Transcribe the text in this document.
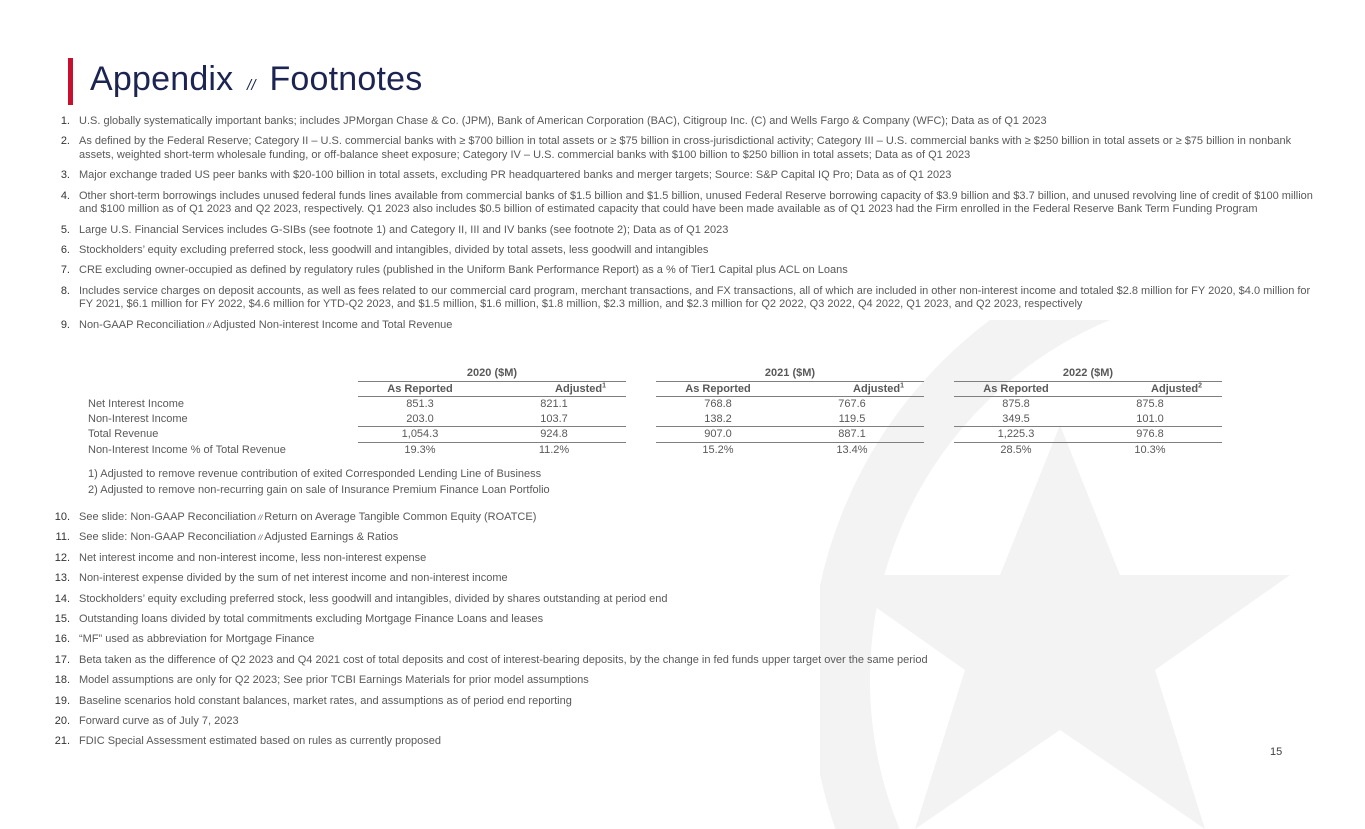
Appendix // Footnotes
1. U.S. globally systematically important banks; includes JPMorgan Chase & Co. (JPM), Bank of American Corporation (BAC), Citigroup Inc. (C) and Wells Fargo & Company (WFC); Data as of Q1 2023
2. As defined by the Federal Reserve; Category II – U.S. commercial banks with ≥ $700 billion in total assets or ≥ $75 billion in cross-jurisdictional activity; Category III – U.S. commercial banks with ≥ $250 billion in total assets or ≥ $75 billion in nonbank assets, weighted short-term wholesale funding, or off-balance sheet exposure; Category IV – U.S. commercial banks with $100 billion to $250 billion in total assets; Data as of Q1 2023
3. Major exchange traded US peer banks with $20-100 billion in total assets, excluding PR headquartered banks and merger targets; Source: S&P Capital IQ Pro; Data as of Q1 2023
4. Other short-term borrowings includes unused federal funds lines available from commercial banks of $1.5 billion and $1.5 billion, unused Federal Reserve borrowing capacity of $3.9 billion and $3.7 billion, and unused revolving line of credit of $100 million and $100 million as of Q1 2023 and Q2 2023, respectively. Q1 2023 also includes $0.5 billion of estimated capacity that could have been made available as of Q1 2023 had the Firm enrolled in the Federal Reserve Bank Term Funding Program
5. Large U.S. Financial Services includes G-SIBs (see footnote 1) and Category II, III and IV banks (see footnote 2); Data as of Q1 2023
6. Stockholders’ equity excluding preferred stock, less goodwill and intangibles, divided by total assets, less goodwill and intangibles
7. CRE excluding owner-occupied as defined by regulatory rules (published in the Uniform Bank Performance Report) as a % of Tier1 Capital plus ACL on Loans
8. Includes service charges on deposit accounts, as well as fees related to our commercial card program, merchant transactions, and FX transactions, all of which are included in other non-interest income and totaled $2.8 million for FY 2020, $4.0 million for FY 2021, $6.1 million for FY 2022, $4.6 million for YTD-Q2 2023, and $1.5 million, $1.6 million, $1.8 million, $2.3 million, and $2.3 million for Q2 2022, Q3 2022, Q4 2022, Q1 2023, and Q2 2023, respectively
9. Non-GAAP Reconciliation // Adjusted Non-interest Income and Total Revenue
10. See slide: Non-GAAP Reconciliation // Return on Average Tangible Common Equity (ROATCE)
11. See slide: Non-GAAP Reconciliation // Adjusted Earnings & Ratios
12. Net interest income and non-interest income, less non-interest expense
13. Non-interest expense divided by the sum of net interest income and non-interest income
14. Stockholders’ equity excluding preferred stock, less goodwill and intangibles, divided by shares outstanding at period end
15. Outstanding loans divided by total commitments excluding Mortgage Finance Loans and leases
16. “MF” used as abbreviation for Mortgage Finance
17. Beta taken as the difference of Q2 2023 and Q4 2021 cost of total deposits and cost of interest-bearing deposits, by the change in fed funds upper target over the same period
18. Model assumptions are only for Q2 2023; See prior TCBI Earnings Materials for prior model assumptions
19. Baseline scenarios hold constant balances, market rates, and assumptions as of period end reporting
20. Forward curve as of July 7, 2023
21. FDIC Special Assessment estimated based on rules as currently proposed
	2020 ($M)			2021 ($M)			2022 ($M)	
	As Reported	Adjusted$^1$		As Reported	Adjusted$^1$		As Reported	Adjusted$^2$
Net Interest Income	851.3	821.1		768.8	767.6		875.8	875.8
Non-Interest Income	203.0	103.7		138.2	119.5		349.5	101.0
Total Revenue	1,054.3	924.8		907.0	887.1		1,225.3	976.8
Non-Interest Income % of Total Revenue	19.3%	11.2%		15.2%	13.4%		28.5%	10.3%
1) Adjusted to remove revenue contribution of exited Corresponded Lending Line of Business
2) Adjusted to remove non-recurring gain on sale of Insurance Premium Finance Loan Portfolio
15
